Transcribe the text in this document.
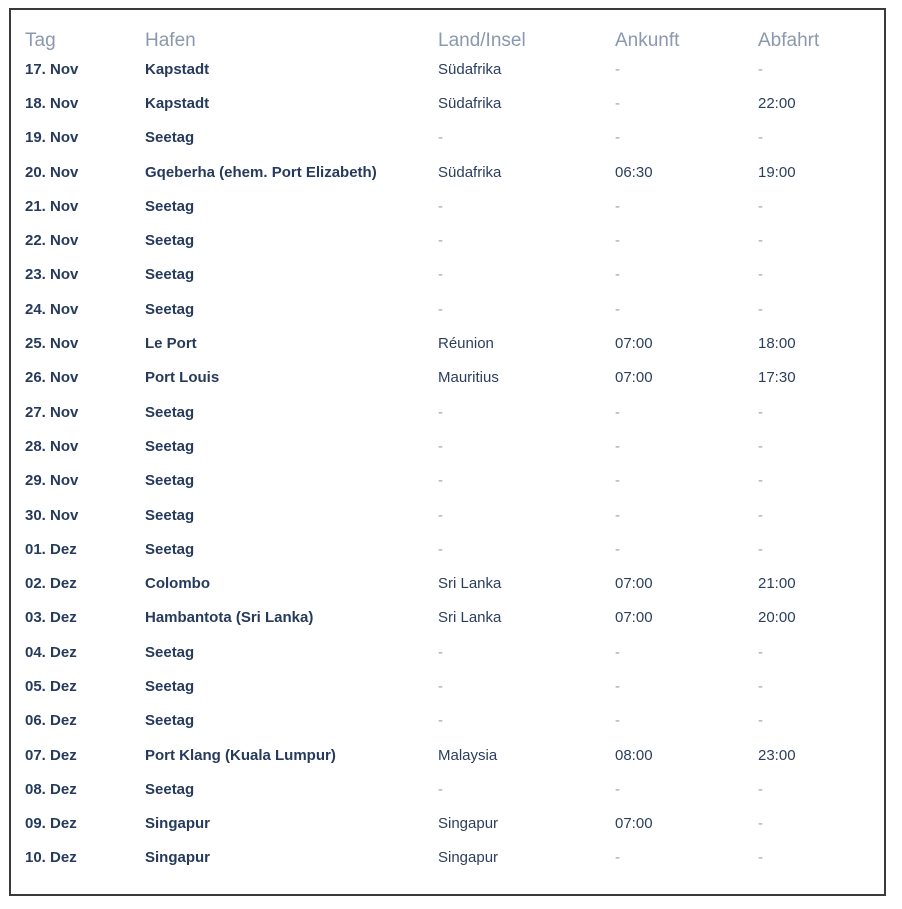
Tag	Hafen	Land/Insel	Ankunft	Abfahrt
17. Nov	Kapstadt	Südafrika	-	-
18. Nov	Kapstadt	Südafrika	-	22:00
19. Nov	Seetag	-	-	-
20. Nov	Gqeberha (ehem. Port Elizabeth)	Südafrika	06:30	19:00
21. Nov	Seetag	-	-	-
22. Nov	Seetag	-	-	-
23. Nov	Seetag	-	-	-
24. Nov	Seetag	-	-	-
25. Nov	Le Port	Réunion	07:00	18:00
26. Nov	Port Louis	Mauritius	07:00	17:30
27. Nov	Seetag	-	-	-
28. Nov	Seetag	-	-	-
29. Nov	Seetag	-	-	-
30. Nov	Seetag	-	-	-
01. Dez	Seetag	-	-	-
02. Dez	Colombo	Sri Lanka	07:00	21:00
03. Dez	Hambantota (Sri Lanka)	Sri Lanka	07:00	20:00
04. Dez	Seetag	-	-	-
05. Dez	Seetag	-	-	-
06. Dez	Seetag	-	-	-
07. Dez	Port Klang (Kuala Lumpur)	Malaysia	08:00	23:00
08. Dez	Seetag	-	-	-
09. Dez	Singapur	Singapur	07:00	-
10. Dez	Singapur	Singapur	-	-
